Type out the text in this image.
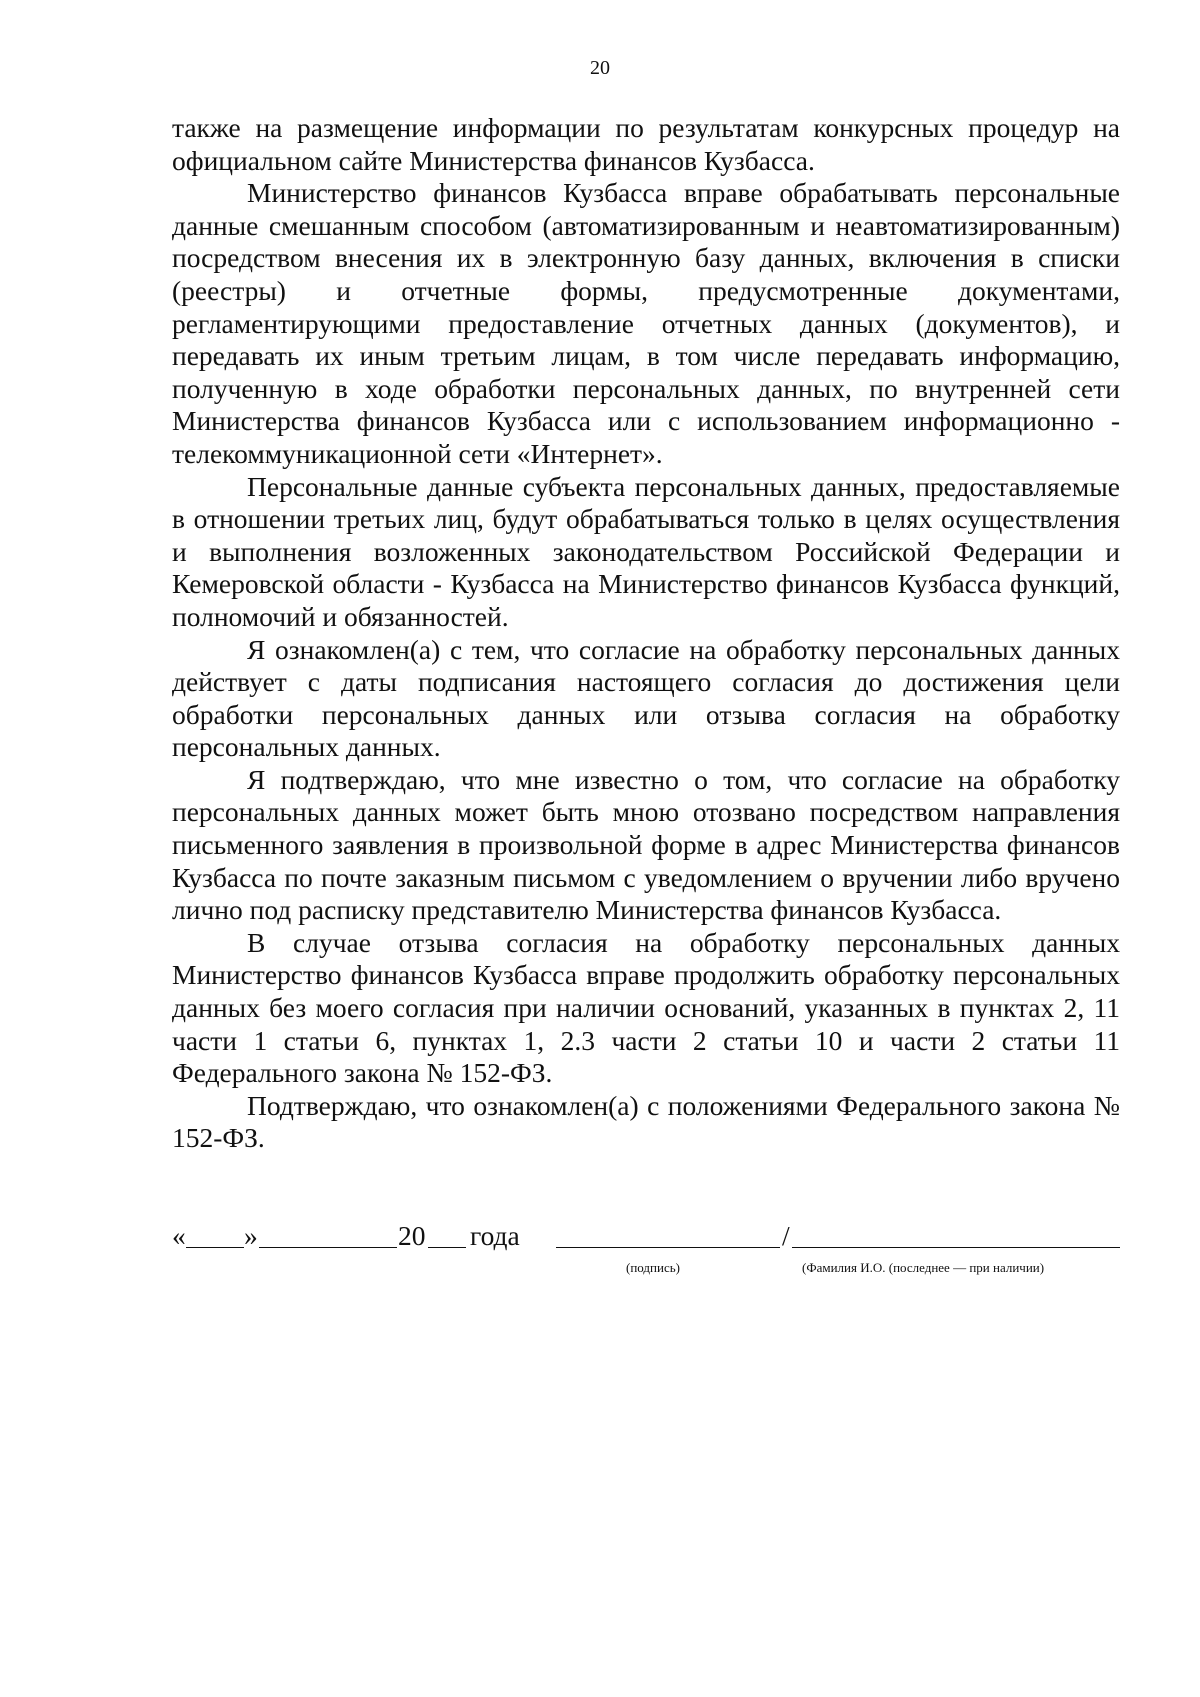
20

также на размещение информации по результатам конкурсных процедур на официальном сайте Министерства финансов Кузбасса.

Министерство финансов Кузбасса вправе обрабатывать персональные данные смешанным способом (автоматизированным и неавтоматизированным) посредством внесения их в электронную базу данных, включения в списки (реестры) и отчетные формы, предусмотренные документами, регламентирующими предоставление отчетных данных (документов), и передавать их иным третьим лицам, в том числе передавать информацию, полученную в ходе обработки персональных данных, по внутренней сети Министерства финансов Кузбасса или с использованием информационно - телекоммуникационной сети «Интернет».

Персональные данные субъекта персональных данных, предоставляемые в отношении третьих лиц, будут обрабатываться только в целях осуществления и выполнения возложенных законодательством Российской Федерации и Кемеровской области - Кузбасса на Министерство финансов Кузбасса функций, полномочий и обязанностей.

Я ознакомлен(а) с тем, что согласие на обработку персональных данных действует с даты подписания настоящего согласия до достижения цели обработки персональных данных или отзыва согласия на обработку персональных данных.

Я подтверждаю, что мне известно о том, что согласие на обработку персональных данных может быть мною отозвано посредством направления письменного заявления в произвольной форме в адрес Министерства финансов Кузбасса по почте заказным письмом с уведомлением о вручении либо вручено лично под расписку представителю Министерства финансов Кузбасса.

В случае отзыва согласия на обработку персональных данных Министерство финансов Кузбасса вправе продолжить обработку персональных данных без моего согласия при наличии оснований, указанных в пунктах 2, 11 части 1 статьи 6, пунктах 1, 2.3 части 2 статьи 10 и части 2 статьи 11 Федерального закона № 152-ФЗ.

Подтверждаю, что ознакомлен(а) с положениями Федерального закона № 152-ФЗ.

« »	20 года	/
(подпись)	(Фамилия И.О. (последнее — при наличии)
